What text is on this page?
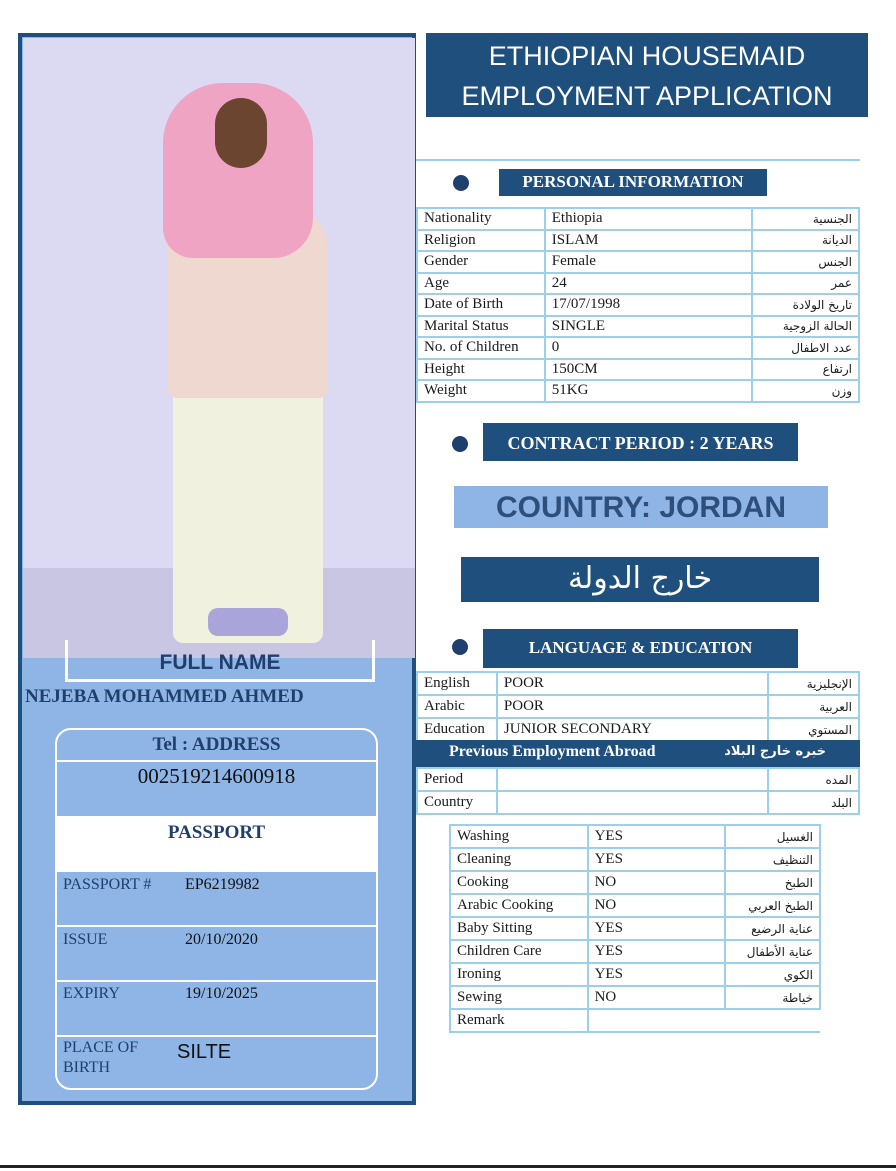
FULL NAME
NEJEBA MOHAMMED AHMED
Tel : ADDRESS
002519214600918
PASSPORT
PASSPORT # EP6219982
ISSUE	20/10/2020
EXPIRY	19/10/2025
PLACE OF
BIRTH
SILTE
ETHIOPIAN HOUSEMAID
EMPLOYMENT APPLICATION
PERSONAL INFORMATION
Nationality	Ethiopia	الجنسية
Religion	ISLAM	الديانة
Gender	Female	الجنس
Age	24	عمر
Date of Birth	17/07/1998	تاريخ الولادة
Marital Status	SINGLE	الحالة الزوجية
No. of Children	0	عدد الاطفال
Height	150CM	ارتفاع
Weight	51KG	وزن
CONTRACT PERIOD : 2 YEARS
COUNTRY: JORDAN
خارج الدولة
LANGUAGE & EDUCATION
English	POOR	الإنجليزية
Arabic	POOR	العربية
Education	JUNIOR SECONDARY	المستوي
Previous Employment Abroad	خبره خارج البلاد
Period		المده
Country		البلد
Washing	YES	الغسيل
Cleaning	YES	التنظيف
Cooking	NO	الطبخ
Arabic Cooking	NO	الطبخ العربي
Baby Sitting	YES	عناية الرضيع
Children Care	YES	عناية الأطفال
Ironing	YES	الكوي
Sewing	NO	خياطة
Remark		
